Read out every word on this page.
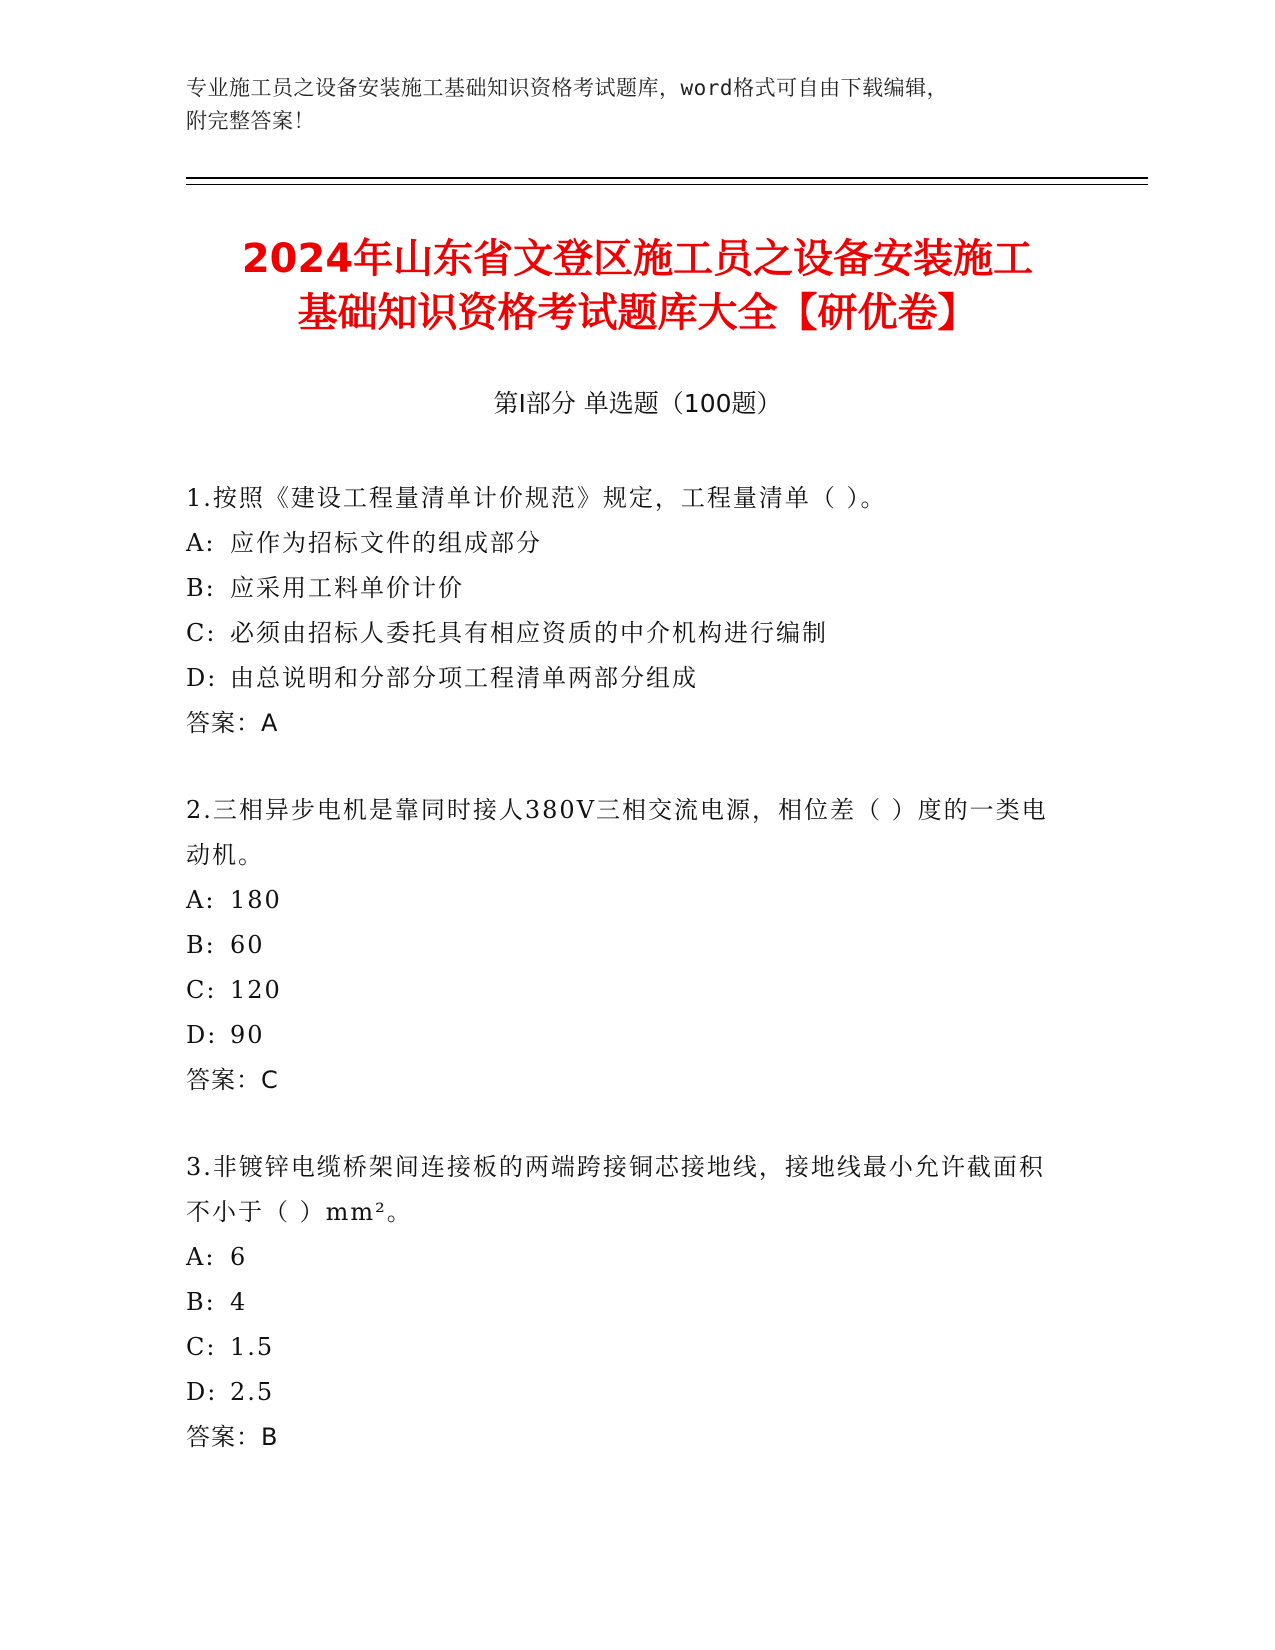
专业施工员之设备安装施工基础知识资格考试题库，word格式可自由下载编辑，
附完整答案！
2024年山东省文登区施工员之设备安装施工
基础知识资格考试题库大全【研优卷】
第Ⅰ部分 单选题（100题）

1.按照《建设工程量清单计价规范》规定，工程量清单（ ）。

A: 应作为招标文件的组成部分

B: 应采用工料单价计价

C: 必须由招标人委托具有相应资质的中介机构进行编制

D: 由总说明和分部分项工程清单两部分组成

答案：A

2.三相异步电机是靠同时接人380V三相交流电源，相位差（ ）度的一类电动机。

A: 180

B: 60

C: 120

D: 90

答案：C

3.非镀锌电缆桥架间连接板的两端跨接铜芯接地线，接地线最小允许截面积不小于（ ）mm²。

A: 6

B: 4

C: 1.5

D: 2.5

答案：B
